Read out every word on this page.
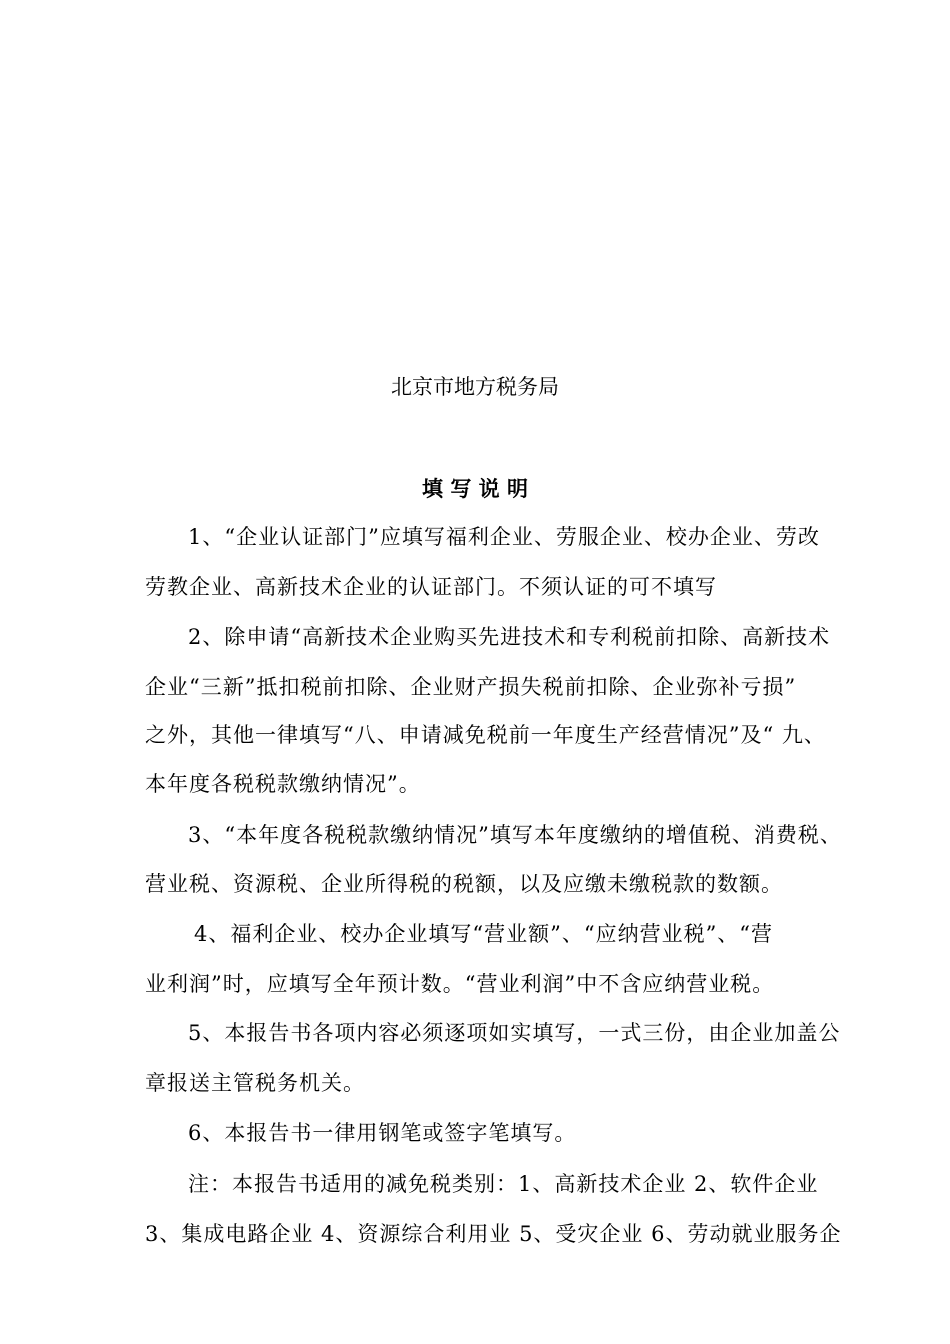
北京市地方税务局
填 写 说 明
1、“企业认证部门”应填写福利企业、劳服企业、校办企业、劳改
劳教企业、高新技术企业的认证部门。不须认证的可不填写
2、除申请“高新技术企业购买先进技术和专利税前扣除、高新技术
企业“三新”抵扣税前扣除、企业财产损失税前扣除、企业弥补亏损”
之外，其他一律填写“八、申请减免税前一年度生产经营情况”及“ 九、
本年度各税税款缴纳情况”。
3、“本年度各税税款缴纳情况”填写本年度缴纳的增值税、消费税、
营业税、资源税、企业所得税的税额，以及应缴未缴税款的数额。
4、福利企业、校办企业填写“营业额”、“应纳营业税”、“营
业利润”时，应填写全年预计数。“营业利润”中不含应纳营业税。
5、本报告书各项内容必须逐项如实填写，一式三份，由企业加盖公
章报送主管税务机关。
6、本报告书一律用钢笔或签字笔填写。
注：本报告书适用的减免税类别：1、高新技术企业 2、软件企业
3、集成电路企业 4、资源综合利用业 5、受灾企业 6、劳动就业服务企
